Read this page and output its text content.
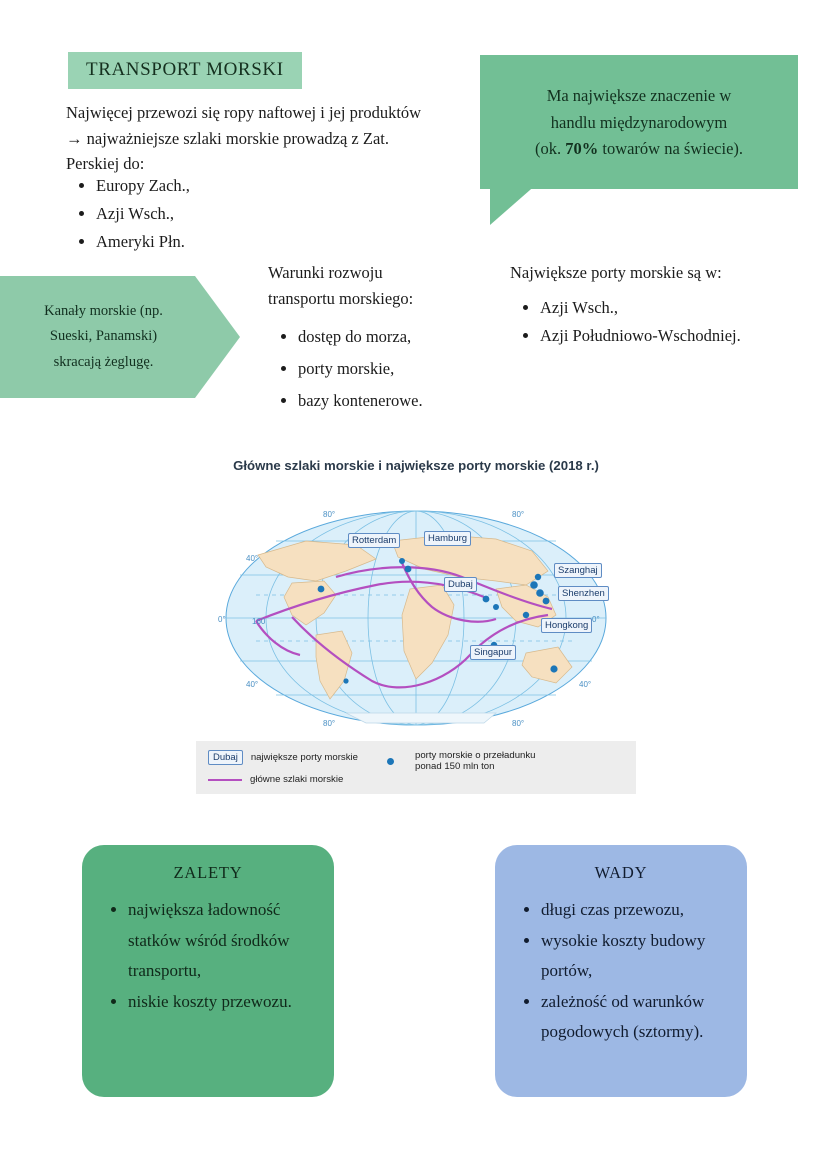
TRANSPORT MORSKI
Najwięcej przewozi się ropy naftowej i jej produktów
→ najważniejsze szlaki morskie prowadzą z Zat.
Perskiej do:
• Europy Zach.,
• Azji Wsch.,
• Ameryki Płn.
Ma największe znaczenie w
handlu międzynarodowym
(ok. 70% towarów na świecie).
Kanały morskie (np.
Sueski, Panamski)
skracają żeglugę.
Warunki rozwoju
transportu morskiego:
• dostęp do morza,
• porty morskie,
• bazy kontenerowe.
Największe porty morskie są w:
• Azji Wsch.,
• Azji Południowo-Wschodniej.
Główne szlaki morskie i największe porty morskie (2018 r.)
80°	80°
40°
0°	160	0°
40°	40°
80°	80°
Rotterdam	Hamburg
Dubaj
Szanghaj
Shenzhen
Hongkong
Singapur
Dubaj	największe porty morskie
główne szlaki morskie
porty morskie o przeładunku
ponad 150 mln ton
ZALETY
• największa ładowność statków wśród środków transportu,
• niskie koszty przewozu.
WADY
• długi czas przewozu,
• wysokie koszty budowy portów,
• zależność od warunków pogodowych (sztormy).
